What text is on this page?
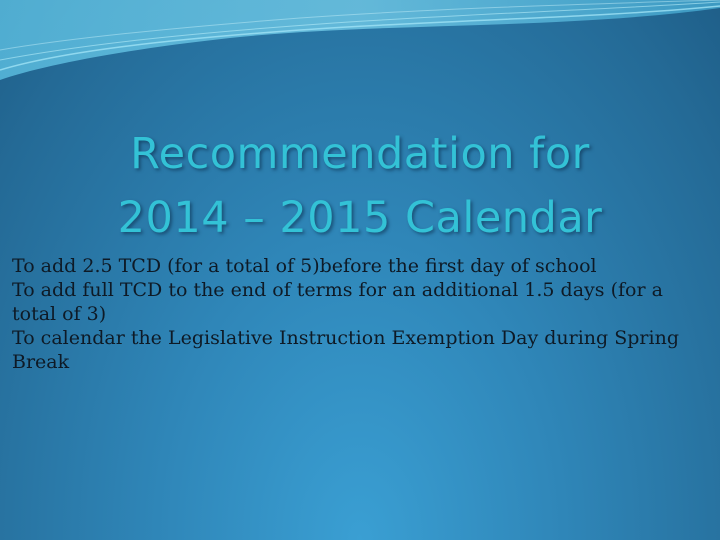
Recommendation for
2014 – 2015 Calendar
To add 2.5 TCD (for a total of 5)before the first day of school
To add full TCD to the end of terms for an additional 1.5 days (for a total of 3)
To calendar the Legislative Instruction Exemption Day during Spring Break
